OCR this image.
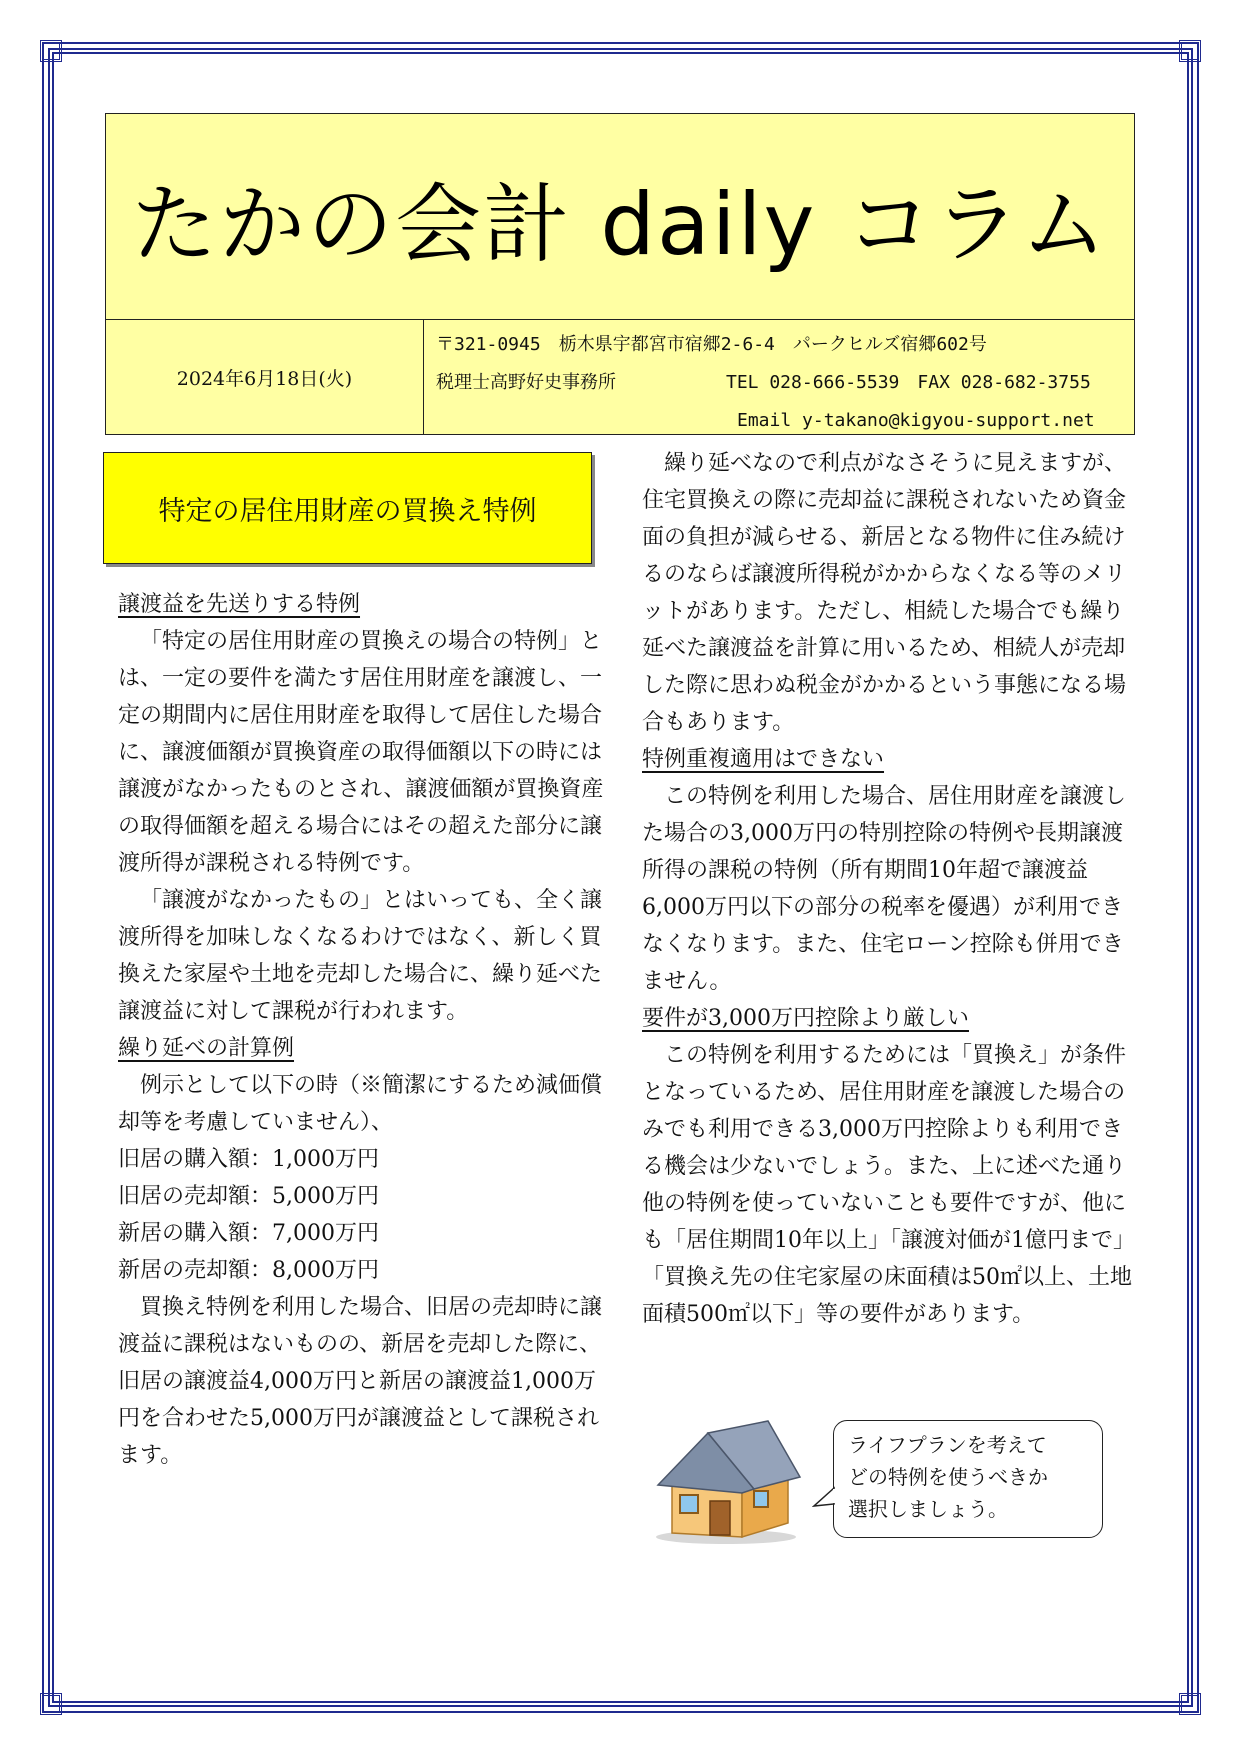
たかの会計 daily コラム
2024年6月18日(火)
〒321-0945　栃木県宇都宮市宿郷2-6-4　パークヒルズ宿郷602号
税理士高野好史事務所	TEL 028-666-5539　FAX 028-682-3755
Email y-takano@kigyou-support.net
特定の居住用財産の買換え特例

譲渡益を先送りする特例

「特定の居住用財産の買換えの場合の特例」とは、一定の要件を満たす居住用財産を譲渡し、一定の期間内に居住用財産を取得して居住した場合に、譲渡価額が買換資産の取得価額以下の時には譲渡がなかったものとされ、譲渡価額が買換資産の取得価額を超える場合にはその超えた部分に譲渡所得が課税される特例です。

「譲渡がなかったもの」とはいっても、全く譲渡所得を加味しなくなるわけではなく、新しく買換えた家屋や土地を売却した場合に、繰り延べた譲渡益に対して課税が行われます。

繰り延べの計算例

例示として以下の時（※簡潔にするため減価償却等を考慮していません）、

旧居の購入額：1,000万円

旧居の売却額：5,000万円

新居の購入額：7,000万円

新居の売却額：8,000万円

買換え特例を利用した場合、旧居の売却時に譲渡益に課税はないものの、新居を売却した際に、旧居の譲渡益4,000万円と新居の譲渡益1,000万円を合わせた5,000万円が譲渡益として課税されます。

繰り延べなので利点がなさそうに見えますが、住宅買換えの際に売却益に課税されないため資金面の負担が減らせる、新居となる物件に住み続けるのならば譲渡所得税がかからなくなる等のメリットがあります。ただし、相続した場合でも繰り延べた譲渡益を計算に用いるため、相続人が売却した際に思わぬ税金がかかるという事態になる場合もあります。

特例重複適用はできない

この特例を利用した場合、居住用財産を譲渡した場合の3,000万円の特別控除の特例や長期譲渡所得の課税の特例（所有期間10年超で譲渡益6,000万円以下の部分の税率を優遇）が利用できなくなります。また、住宅ローン控除も併用できません。

要件が3,000万円控除より厳しい

この特例を利用するためには「買換え」が条件となっているため、居住用財産を譲渡した場合のみでも利用できる3,000万円控除よりも利用できる機会は少ないでしょう。また、上に述べた通り他の特例を使っていないことも要件ですが、他にも「居住期間10年以上」「譲渡対価が1億円まで」「買換え先の住宅家屋の床面積は50㎡以上、土地面積500㎡以下」等の要件があります。

ライフプランを考えて
どの特例を使うべきか
選択しましょう。
